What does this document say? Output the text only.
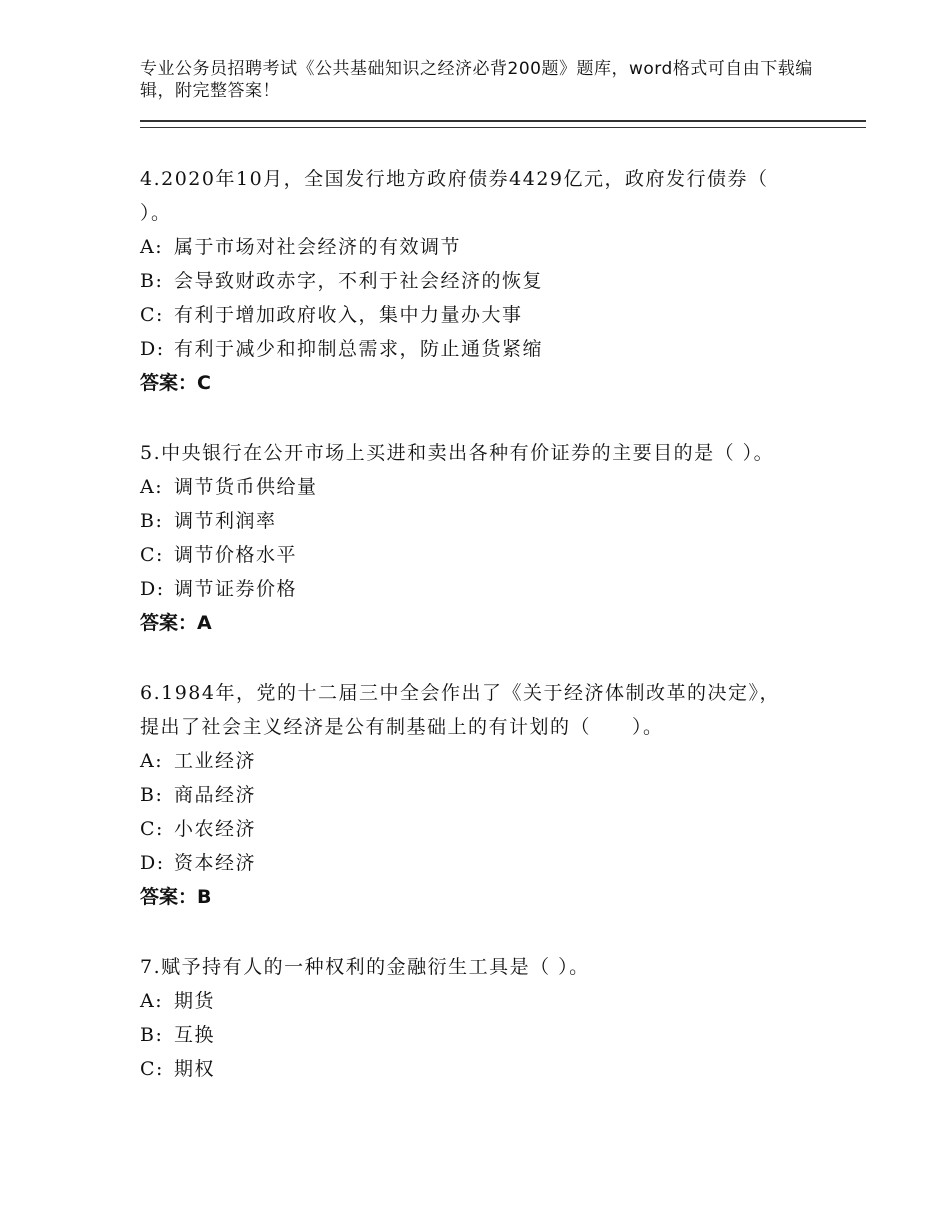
专业公务员招聘考试《公共基础知识之经济必背200题》题库，word格式可自由下载编辑，附完整答案！

4.2020年10月，全国发行地方政府债券4429亿元，政府发行债券（ ）。

A: 属于市场对社会经济的有效调节

B: 会导致财政赤字，不利于社会经济的恢复

C: 有利于增加政府收入，集中力量办大事

D: 有利于减少和抑制总需求，防止通货紧缩

答案：C

5.中央银行在公开市场上买进和卖出各种有价证券的主要目的是（ ）。

A: 调节货币供给量

B: 调节利润率

C: 调节价格水平

D: 调节证券价格

答案：A

6.1984年，党的十二届三中全会作出了《关于经济体制改革的决定》，提出了社会主义经济是公有制基础上的有计划的（　　）。

A: 工业经济

B: 商品经济

C: 小农经济

D: 资本经济

答案：B

7.赋予持有人的一种权利的金融衍生工具是（ ）。

A: 期货

B: 互换

C: 期权
